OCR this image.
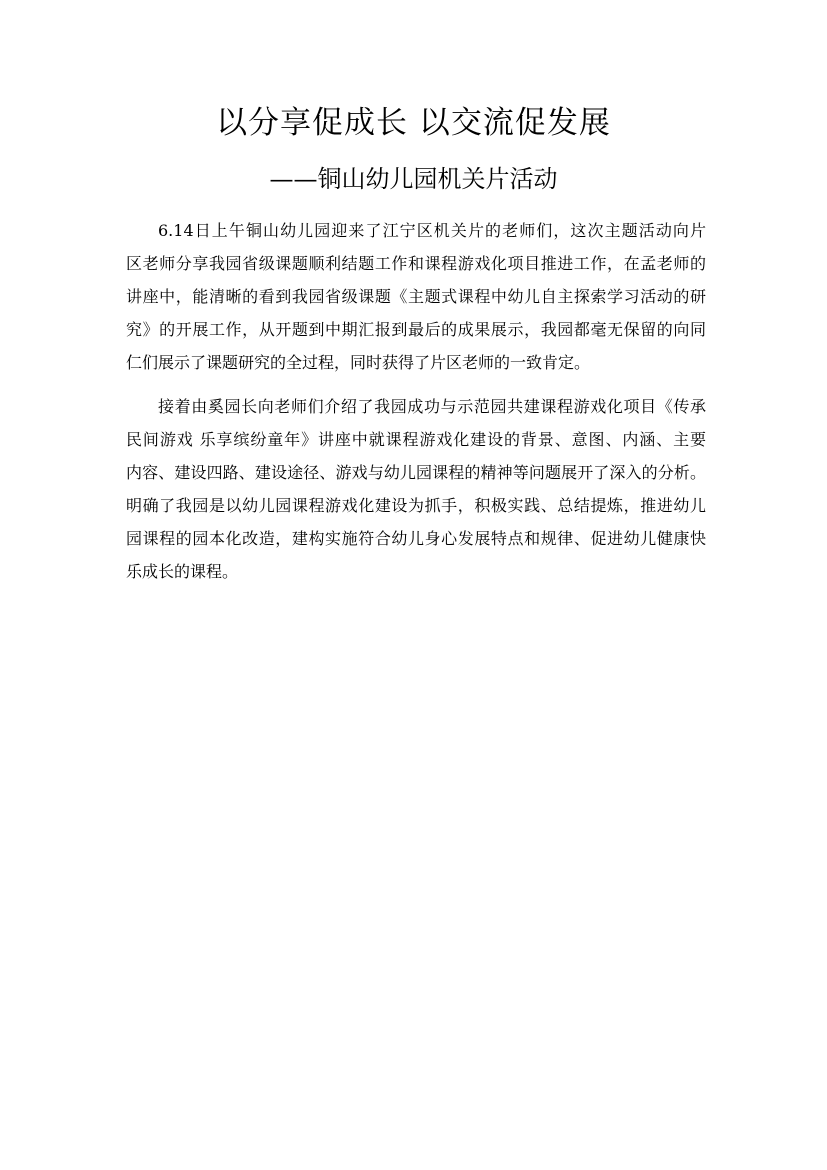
以分享促成长 以交流促发展
——铜山幼儿园机关片活动
6.14日上午铜山幼儿园迎来了江宁区机关片的老师们，这次主题活动向片
区老师分享我园省级课题顺利结题工作和课程游戏化项目推进工作，在孟老师的
讲座中，能清晰的看到我园省级课题《主题式课程中幼儿自主探索学习活动的研
究》的开展工作，从开题到中期汇报到最后的成果展示，我园都毫无保留的向同
仁们展示了课题研究的全过程，同时获得了片区老师的一致肯定。
接着由奚园长向老师们介绍了我园成功与示范园共建课程游戏化项目《传承
民间游戏 乐享缤纷童年》讲座中就课程游戏化建设的背景、意图、内涵、主要
内容、建设四路、建设途径、游戏与幼儿园课程的精神等问题展开了深入的分析。
明确了我园是以幼儿园课程游戏化建设为抓手，积极实践、总结提炼，推进幼儿
园课程的园本化改造，建构实施符合幼儿身心发展特点和规律、促进幼儿健康快
乐成长的课程。
